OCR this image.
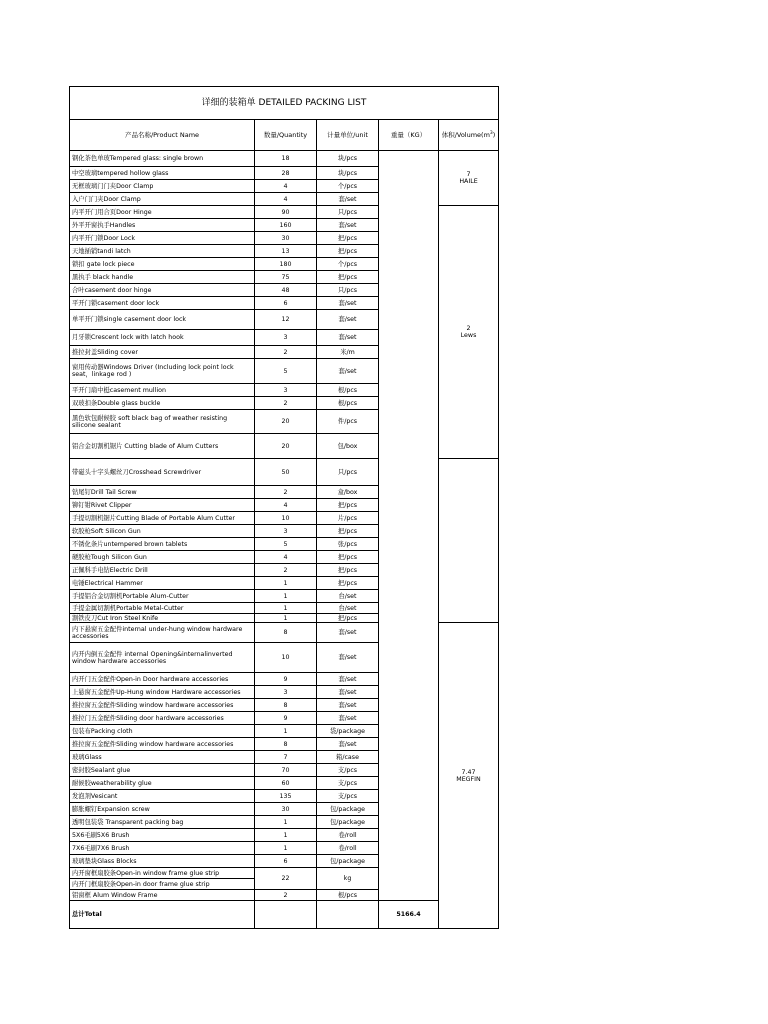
详细的装箱单 DETAILED PACKING LIST					
产品名称/Product Name	数量/Quantity	计量单位/unit	重量（KG）	体积$/Volume(m^3)$	
钢化茶色单玻Tempered glass: single brown	18	块/pcs		7
HAILE	

中空玻璃tempered hollow glass	28	块/pcs			
无框玻璃门门夹Door Clamp	4	个/pcs			
入户门门夹Door Clamp	4	套/set			
内平开门用合页Door Hinge	90	只/pcs		2
Lews	

外平开窗执手Handles	160	套/set			
内平开门锁Door Lock	30	把/pcs			
天地插销tandi latch	13	把/pcs			
锁扣 gate lock piece	180	个/pcs			
黑执手 black handle	75	把/pcs			
合叶casement door hinge	48	只/pcs			
平开门锁casement door lock	6	套/set			
单平开门锁single casement door lock	12	套/set			
月牙锁Crescent lock with latch hook	3	套/set			
推拉封盖Sliding cover	2	米/m			
窗用传动器Windows Driver (Including lock point lock seat，linkage rod )	5	套/set			
平开门扇中梃casement mullion	3	根/pcs			
双玻扣条Double glass buckle	2	根/pcs			
黑色软包耐候胶 soft black bag of weather resisting silicone sealant	20	件/pcs	

铝合金切割机锯片 Cutting blade of Alum Cutters	20	包/box			
带磁头十字头螺丝刀Crosshead Screwdriver	50	只/pcs			
钻尾钉Drill Tail Screw	2	盒/box			
铆钉钳Rivet Clipper	4	把/pcs			
手提切割机锯片Cutting Blade of Portable Alum Cutter	10	片/pcs			
软胶枪Soft Silicon Gun	3	把/pcs			
不锈化条片untempered brown tablets	5	张/pcs			
硬胶枪Tough Silicon Gun	4	把/pcs			
正佩科手电钻Electric Drill	2	把/pcs			
电锤Electrical Hammer	1	把/pcs			
手提铝合金切割机Portable Alum-Cutter	1	台/set			
手提金属切割机Portable Metal-Cutter	1	台/set			
割铁皮刀Cut Iron Steel Knife	1	把/pcs			
内下悬窗五金配件internal under-hung window hardware accessories	8	套/set		7.47
MEGFIN	

内开内倒五金配件 internal Opening&internalinverted window hardware accessories	10	套/set			
内开门五金配件Open-in Door hardware accessories	9	套/set			
上悬窗五金配件Up-Hung window Hardware accessories	3	套/set			
推拉窗五金配件Sliding window hardware accessories	8	套/set			
推拉门五金配件Sliding door hardware accessories	9	套/set			
包装布Packing cloth	1	袋/package			
推拉窗五金配件Sliding window hardware accessories	8	套/set			
玻璃Glass	7	箱/case			
密封胶Sealant glue	70	支/pcs			
耐候胶weatherability glue	60	支/pcs			
发泡剂Vesicant	135	支/pcs			
膨胀螺钉Expansion screw	30	包/package			
透明包装袋 Transparent packing bag	1	包/package			
5X6毛刷5X6 Brush	1	卷/roll			
7X6毛刷7X6 Brush	1	卷/roll			
玻璃垫块Glass Blocks	6	包/package			
内开窗框扇胶条Open-in window frame glue strip	22	kg			
内开门框扇胶条Open-in door frame glue strip					
铝窗框 Alum Window Frame	2	根/pcs			
总计Total			5166.4	
